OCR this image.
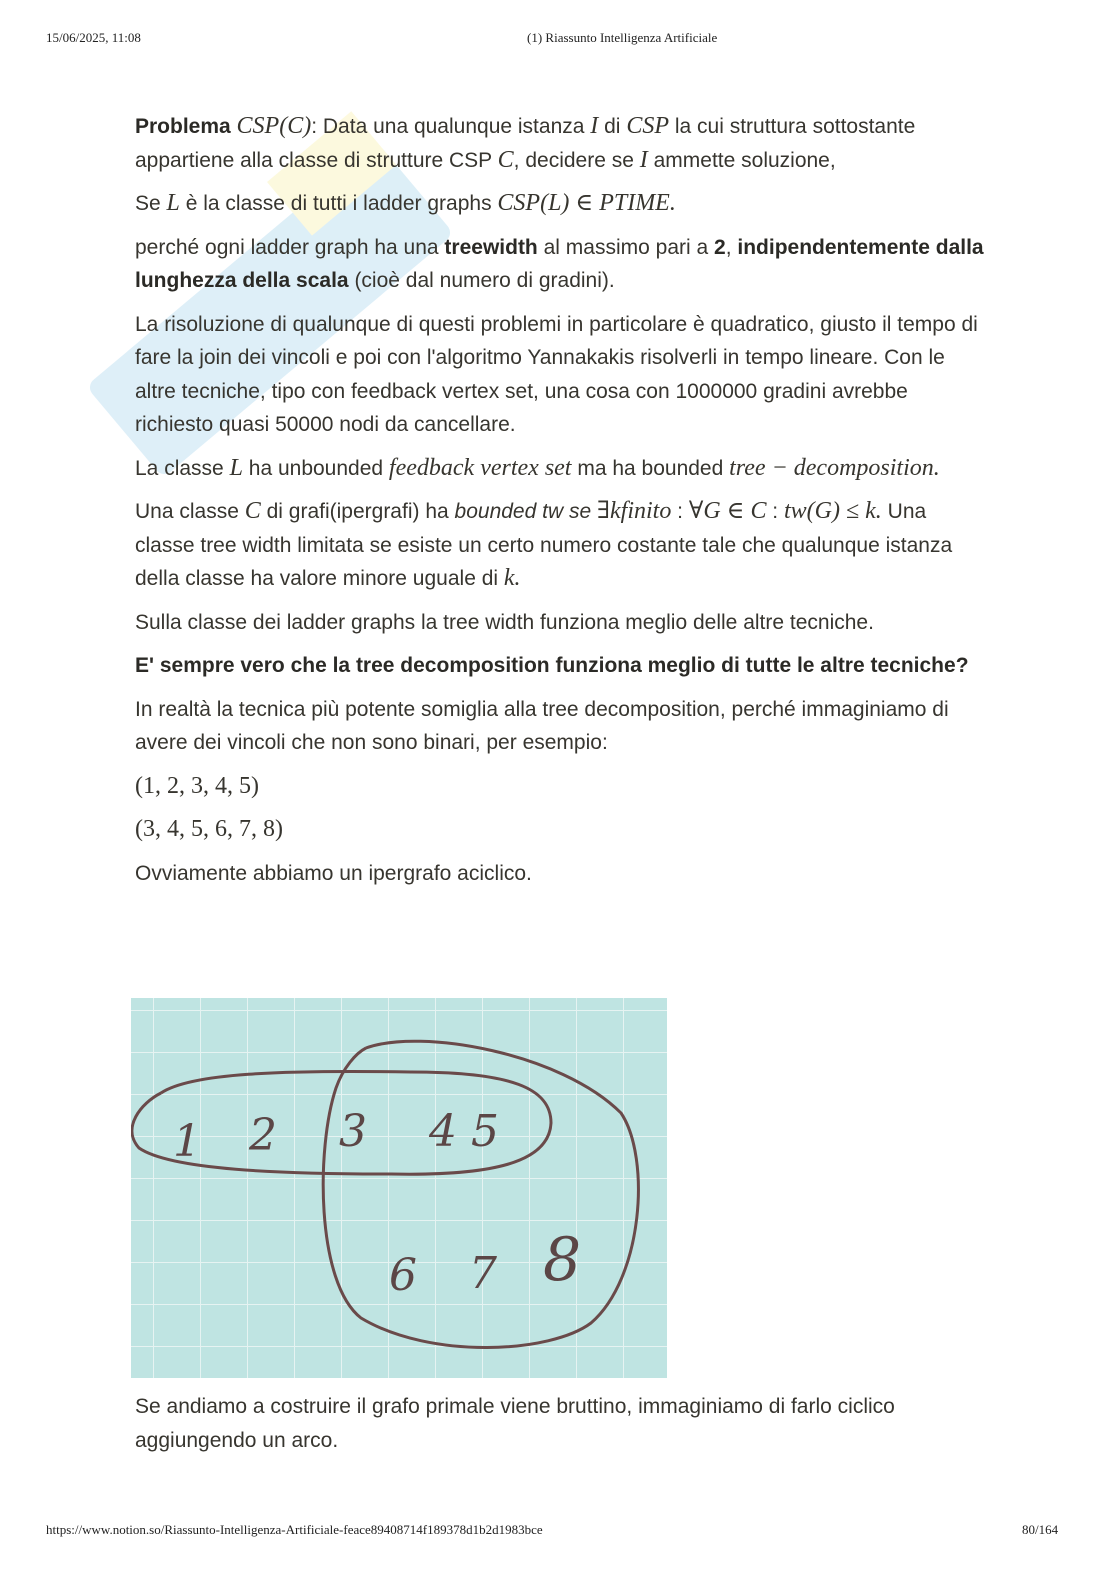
15/06/2025, 11:08	(1) Riassunto Intelligenza Artificiale

Problema CSP(C): Data una qualunque istanza I di CSP la cui struttura sottostante appartiene alla classe di strutture CSP C, decidere se I ammette soluzione,

Se L è la classe di tutti i ladder graphs CSP(L) ∈ PTIME.

perché ogni ladder graph ha una treewidth al massimo pari a 2, indipendentemente dalla lunghezza della scala (cioè dal numero di gradini).

La risoluzione di qualunque di questi problemi in particolare è quadratico, giusto il tempo di fare la join dei vincoli e poi con l'algoritmo Yannakakis risolverli in tempo lineare. Con le altre tecniche, tipo con feedback vertex set, una cosa con 1000000 gradini avrebbe richiesto quasi 50000 nodi da cancellare.

La classe L ha unbounded feedback vertex set ma ha bounded tree − decomposition.

Una classe C di grafi(ipergrafi) ha bounded tw se ∃kfinito : ∀G ∈ C : tw(G) ≤ k. Una classe tree width limitata se esiste un certo numero costante tale che qualunque istanza della classe ha valore minore uguale di k.

Sulla classe dei ladder graphs la tree width funziona meglio delle altre tecniche.

E' sempre vero che la tree decomposition funziona meglio di tutte le altre tecniche?

In realtà la tecnica più potente somiglia alla tree decomposition, perché immaginiamo di avere dei vincoli che non sono binari, per esempio:

(1, 2, 3, 4, 5)

(3, 4, 5, 6, 7, 8)

Ovviamente abbiamo un ipergrafo aciclico.

1 2 3 4 5
6 7 8
Se andiamo a costruire il grafo primale viene bruttino, immaginiamo di farlo ciclico aggiungendo un arco.
https://www.notion.so/Riassunto-Intelligenza-Artificiale-feace89408714f189378d1b2d1983bce	80/164
